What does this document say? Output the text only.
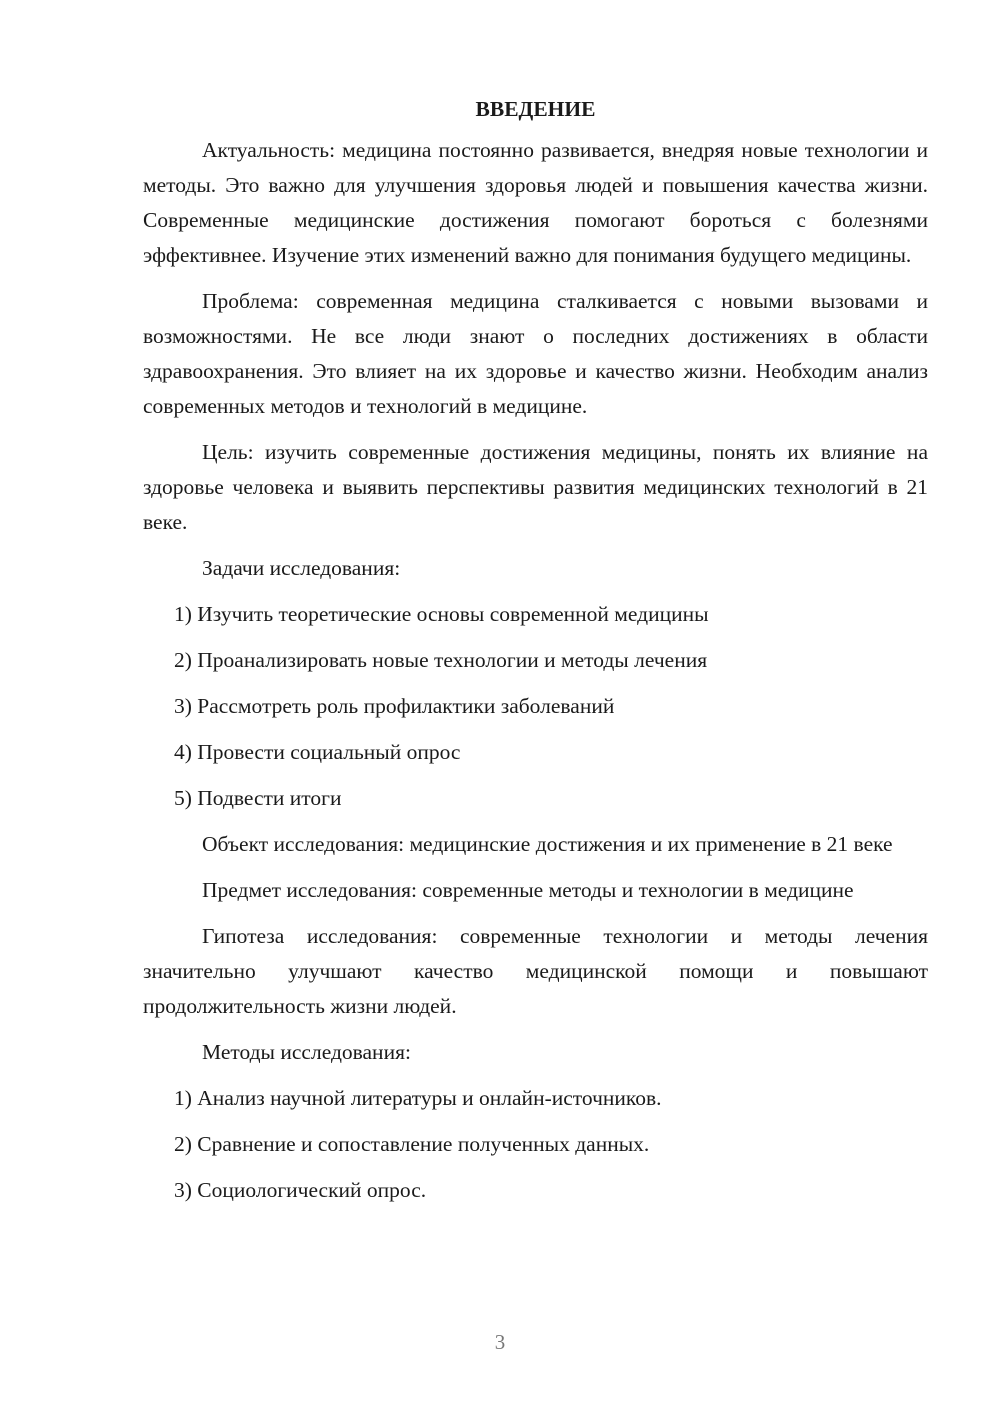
ВВЕДЕНИЕ

Актуальность: медицина постоянно развивается, внедряя новые технологии и методы. Это важно для улучшения здоровья людей и повышения качества жизни. Современные медицинские достижения помогают бороться с болезнями эффективнее. Изучение этих изменений важно для понимания будущего медицины.

Проблема: современная медицина сталкивается с новыми вызовами и возможностями. Не все люди знают о последних достижениях в области здравоохранения. Это влияет на их здоровье и качество жизни. Необходим анализ современных методов и технологий в медицине.

Цель: изучить современные достижения медицины, понять их влияние на здоровье человека и выявить перспективы развития медицинских технологий в 21 веке.

Задачи исследования:

1) Изучить теоретические основы современной медицины
2) Проанализировать новые технологии и методы лечения
3) Рассмотреть роль профилактики заболеваний
4) Провести социальный опрос
5) Подвести итоги

Объект исследования: медицинские достижения и их применение в 21 веке

Предмет исследования: современные методы и технологии в медицине

Гипотеза исследования: современные технологии и методы лечения значительно улучшают качество медицинской помощи и повышают продолжительность жизни людей.

Методы исследования:

1) Анализ научной литературы и онлайн-источников.
2) Сравнение и сопоставление полученных данных.
3) Социологический опрос.
3
